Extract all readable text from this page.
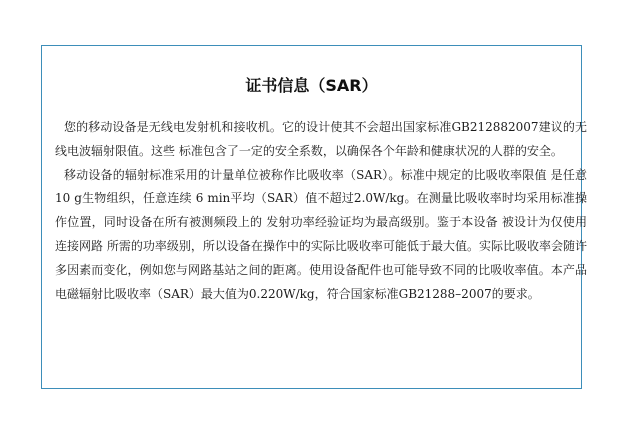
证书信息（SAR）

您的移动设备是无线电发射机和接收机。它的设计使其不会超出国家标准GB212882007建议的无线电波辐射限值。这些 标准包含了一定的安全系数，以确保各个年龄和健康状况的人群的安全。

移动设备的辐射标准采用的计量单位被称作比吸收率（SAR）。标准中规定的比吸收率限值 是任意10 g生物组织，任意连续 6 min平均（SAR）值不超过2.0W/kg。在测量比吸收率时均采用标准操作位置，同时设备在所有被测频段上的 发射功率经验证均为最高级别。鉴于本设备 被设计为仅使用连接网路 所需的功率级别，所以设备在操作中的实际比吸收率可能低于最大值。实际比吸收率会随许多因素而变化，例如您与网路基站之间的距离。使用设备配件也可能导致不同的比吸收率值。本产品电磁辐射比吸收率（SAR）最大值为0.220W/kg，符合国家标准GB21288–2007的要求。
